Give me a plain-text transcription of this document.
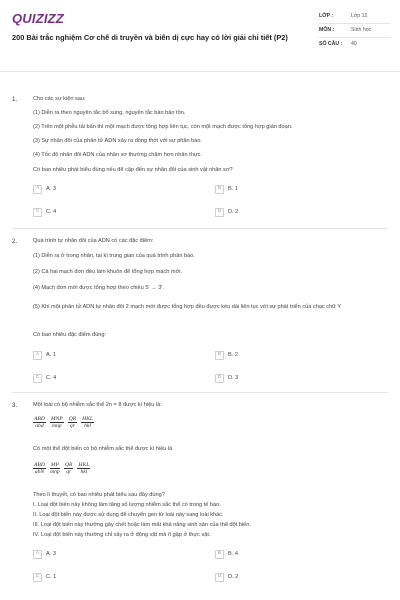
QUIZIZZ
200 Bài trắc nghiệm Cơ chế di truyền và biến dị cực hay có lời giải chi tiết (P2)
LỚP :	Lớp 12
MÔN :	Sinh học
SỐ CÂU :	40
1.	Cho các sự kiện sau:
(1) Diễn ra theo nguyên tắc bổ sung, nguyên tắc bán bảo tồn.
(2) Trên một phễu tái bản thì một mạch được tổng hợp liên tục, còn một mạch được tổng hợp gián đoạn.
(3) Sự nhân đôi của phân tử ADN xảy ra đồng thời với sự phân bào.
(4) Tốc độ nhân đôi ADN của nhân sơ thường chậm hơn nhân thực.
Có bao nhiêu phát biểu đúng nếu để cập đến sự nhân đôi của sinh vật nhân sơ?
A	A. 3	B	B. 1
C	C. 4	D	D. 2
2.	Quá trình tự nhân đôi của ADN có các đặc điểm:
(1) Diễn ra ở trong nhân, tại kì trung gian của quá trình phân bào.
(2) Cả hai mạch đơn đều làm khuôn để tổng hợp mạch mới.
(4) Mạch đơn mới được tổng hợp theo chiều 5' → 3'.
(5) Khi một phân tử ADN tự nhân đôi 2 mạch mới được tổng hợp đều được kéo dài liên tục với sự phát triển của chạc chữ Y
Có bao nhiêu đặc điểm đúng:
A	A. 1	B	B. 2
C	C. 4	D	D. 3
3.	Một loài có bộ nhiễm sắc thể 2n = 8 được kí hiệu là:
ABD
abd
MNP
mnp
QR
qr
HKL
hkl
Có một thể đột biến có bộ nhiễm sắc thể được kí hiệu là
ABD
abN
MP
mnp
QR
qr
HKL
hkl
Theo lí thuyết, có bao nhiêu phát biểu sau đây đúng?
I. Loại đột biến này không làm tăng số lượng nhiễm sắc thể có trong tế bào.
II. Loại đột biến này được sử dụng để chuyển gen từ loài này sang loài khác.
III. Loại đột biến này thường gây chết hoặc làm mất khả năng sinh sản của thể đột biến.
IV. Loại đột biến này thường chỉ xảy ra ở động vật mà ít gặp ở thực vật.
A	A. 3	B	B. 4
C	C. 1	D	D. 2
